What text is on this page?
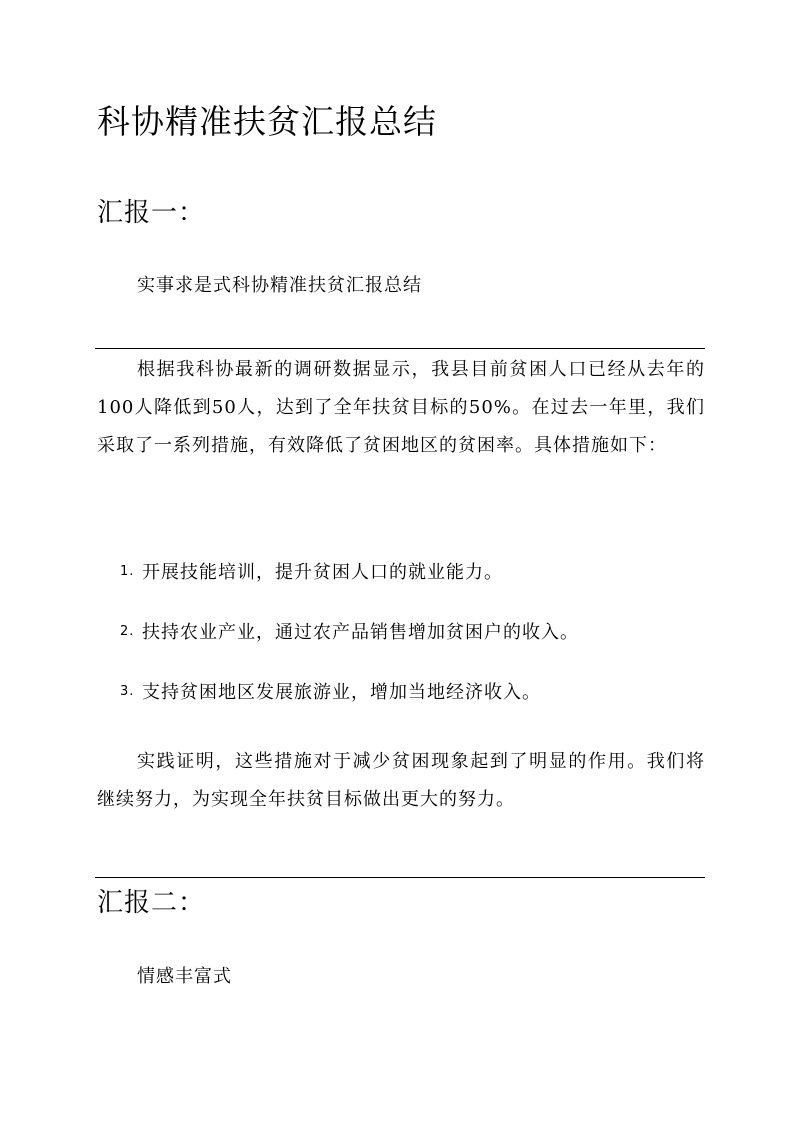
科协精准扶贫汇报总结
汇报一：

实事求是式科协精准扶贫汇报总结

根据我科协最新的调研数据显示，我县目前贫困人口已经从去年的100人降低到50人，达到了全年扶贫目标的50%。在过去一年里，我们采取了一系列措施，有效降低了贫困地区的贫困率。具体措施如下：

1. 开展技能培训，提升贫困人口的就业能力。
2. 扶持农业产业，通过农产品销售增加贫困户的收入。
3. 支持贫困地区发展旅游业，增加当地经济收入。

实践证明，这些措施对于减少贫困现象起到了明显的作用。我们将继续努力，为实现全年扶贫目标做出更大的努力。

汇报二：

情感丰富式
